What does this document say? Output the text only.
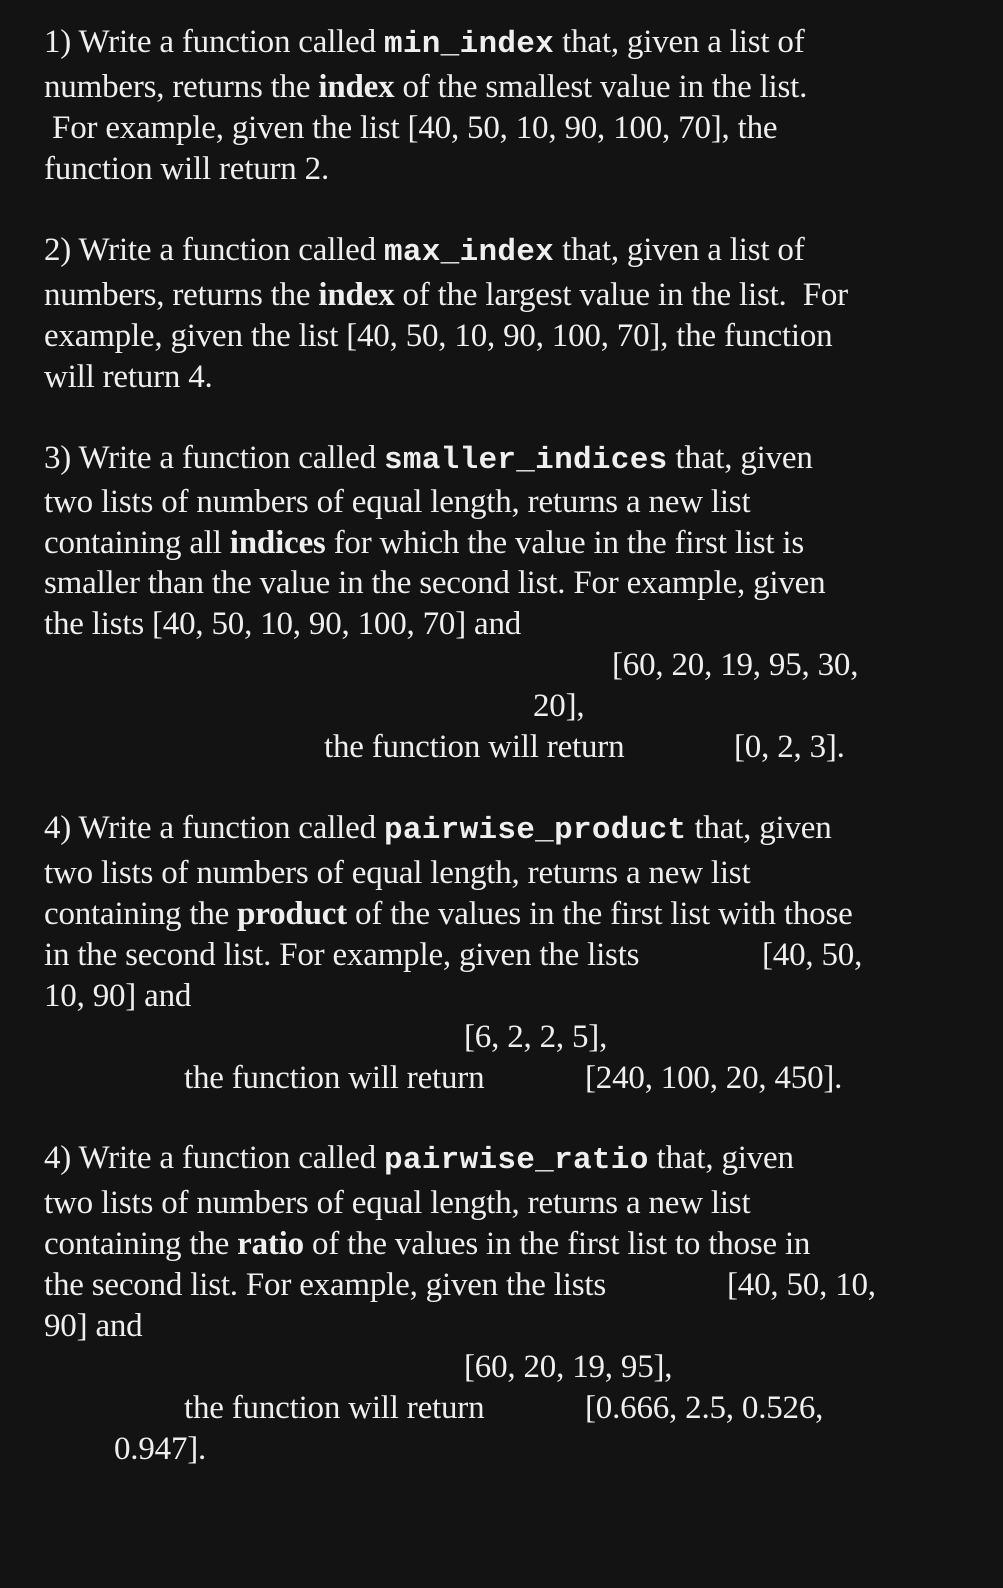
1) Write a function called min_index that, given a list of
numbers, returns the index of the smallest value in the list.
For example, given the list [40, 50, 10, 90, 100, 70], the
function will return 2.
2) Write a function called max_index that, given a list of
numbers, returns the index of the largest value in the list.  For
example, given the list [40, 50, 10, 90, 100, 70], the function
will return 4.
3) Write a function called smaller_indices that, given
two lists of numbers of equal length, returns a new list
containing all indices for which the value in the first list is
smaller than the value in the second list. For example, given
the lists [40, 50, 10, 90, 100, 70] and
[60, 20, 19, 95, 30,
20],
the function will return	[0, 2, 3].
4) Write a function called pairwise_product that, given
two lists of numbers of equal length, returns a new list
containing the product of the values in the first list with those
in the second list. For example, given the lists	[40, 50,
10, 90] and
[6, 2, 2, 5],
the function will return	[240, 100, 20, 450].
4) Write a function called pairwise_ratio that, given
two lists of numbers of equal length, returns a new list
containing the ratio of the values in the first list to those in
the second list. For example, given the lists	[40, 50, 10,
90] and
[60, 20, 19, 95],
the function will return	[0.666, 2.5, 0.526,
0.947].
